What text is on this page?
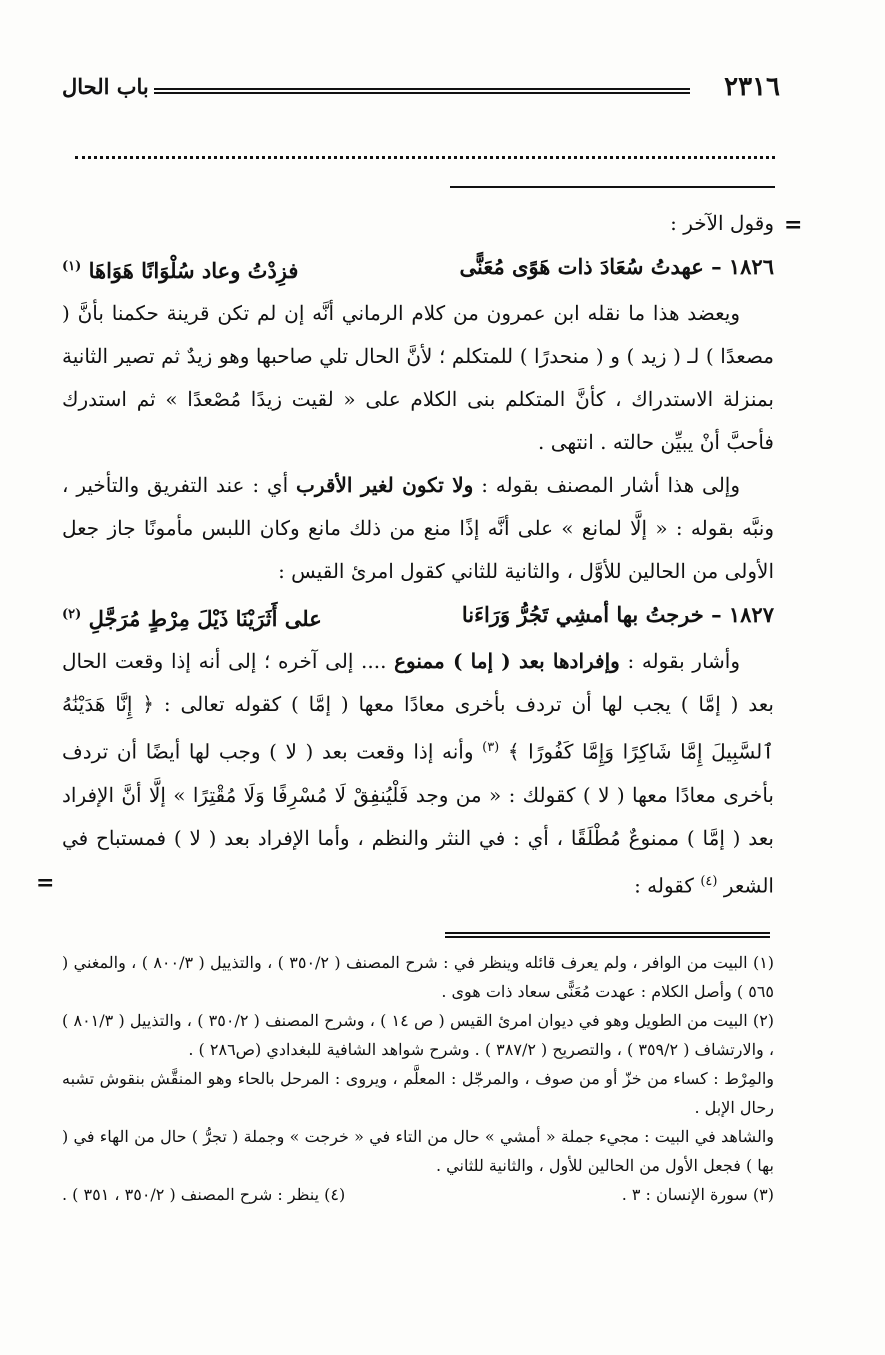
باب الحال	٢٣١٦
=
=

وقول الآخر :

١٨٢٦ – عهدتُ سُعَادَ ذات هَوًى مُعَنًّى
فزِدْتُ وعاد سُلْوَانًا هَوَاهَا $^{(١)}$

ويعضد هذا ما نقله ابن عمرون من كلام الرماني أنَّه إن لم تكن قرينة حكمنا بأنَّ ( مصعدًا ) لـ ( زيد ) و ( منحدرًا ) للمتكلم ؛ لأنَّ الحال تلي صاحبها وهو زيدٌ ثم تصير الثانية بمنزلة الاستدراك ، كأنَّ المتكلم بنى الكلام على « لقيت زيدًا مُصْعدًا » ثم استدرك فأحبَّ أنْ يبيِّن حالته . انتهى .

وإلى هذا أشار المصنف بقوله : ولا تكون لغير الأقرب أي : عند التفريق والتأخير ، ونبَّه بقوله : « إلَّا لمانع » على أنَّه إذًا منع من ذلك مانع وكان اللبس مأمونًا جاز جعل الأولى من الحالين للأوَّل ، والثانية للثاني كقول امرئ القيس :

١٨٢٧ – خرجتُ بها أمشِي تَجُرُّ وَرَاءَنا
على أَثَرَيْنَا ذَيْلَ مِرْطٍ مُرَجَّلِ $^{(٢)}$

وأشار بقوله : وإفرادها بعد ( إما ) ممنوع .... إلى آخره ؛ إلى أنه إذا وقعت الحال بعد ( إمَّا ) يجب لها أن تردف بأخرى معادًا معها ( إمَّا ) كقوله تعالى : ﴿ إِنَّا هَدَيْنَٰهُ ٱلسَّبِيلَ إِمَّا شَاكِرًا وَإِمَّا كَفُورًا ﴾ $^{(٣)}$ وأنه إذا وقعت بعد ( لا ) وجب لها أيضًا أن تردف بأخرى معادًا معها ( لا ) كقولك : « من وجد فَلْيُنفِقْ لَا مُسْرِفًا وَلَا مُقْتِرًا » إلَّا أنَّ الإفراد بعد ( إمَّا ) ممنوعٌ مُطْلَقًا ، أي : في النثر والنظم ، وأما الإفراد بعد ( لا ) فمستباح في الشعر $^{(٤)}$ كقوله :

(١) البيت من الوافر ، ولم يعرف قائله وينظر في : شرح المصنف ( ٣٥٠/٢ ) ، والتذييل ( ٨٠٠/٣ ) ، والمغني ( ٥٦٥ ) وأصل الكلام : عهدت مُعَنًّى سعاد ذات هوى .

(٢) البيت من الطويل وهو في ديوان امرئ القيس ( ص ١٤ ) ، وشرح المصنف ( ٣٥٠/٢ ) ، والتذييل ( ٨٠١/٣ ) ، والارتشاف ( ٣٥٩/٢ ) ، والتصريح ( ٣٨٧/٢ ) . وشرح شواهد الشافية للبغدادي (ص٢٨٦ ) .

والمِرْط : كساء من خزّ أو من صوف ، والمرجّل : المعلَّم ، ويروى : المرحل بالحاء وهو المنقَّش بنقوش تشبه رحال الإبل .

والشاهد في البيت : مجيء جملة « أمشي » حال من التاء في « خرجت » وجملة ( تجرُّ ) حال من الهاء في ( بها ) فجعل الأول من الحالين للأول ، والثانية للثاني .

(٣) سورة الإنسان : ٣ .
(٤) ينظر : شرح المصنف ( ٣٥٠/٢ ، ٣٥١ ) .
